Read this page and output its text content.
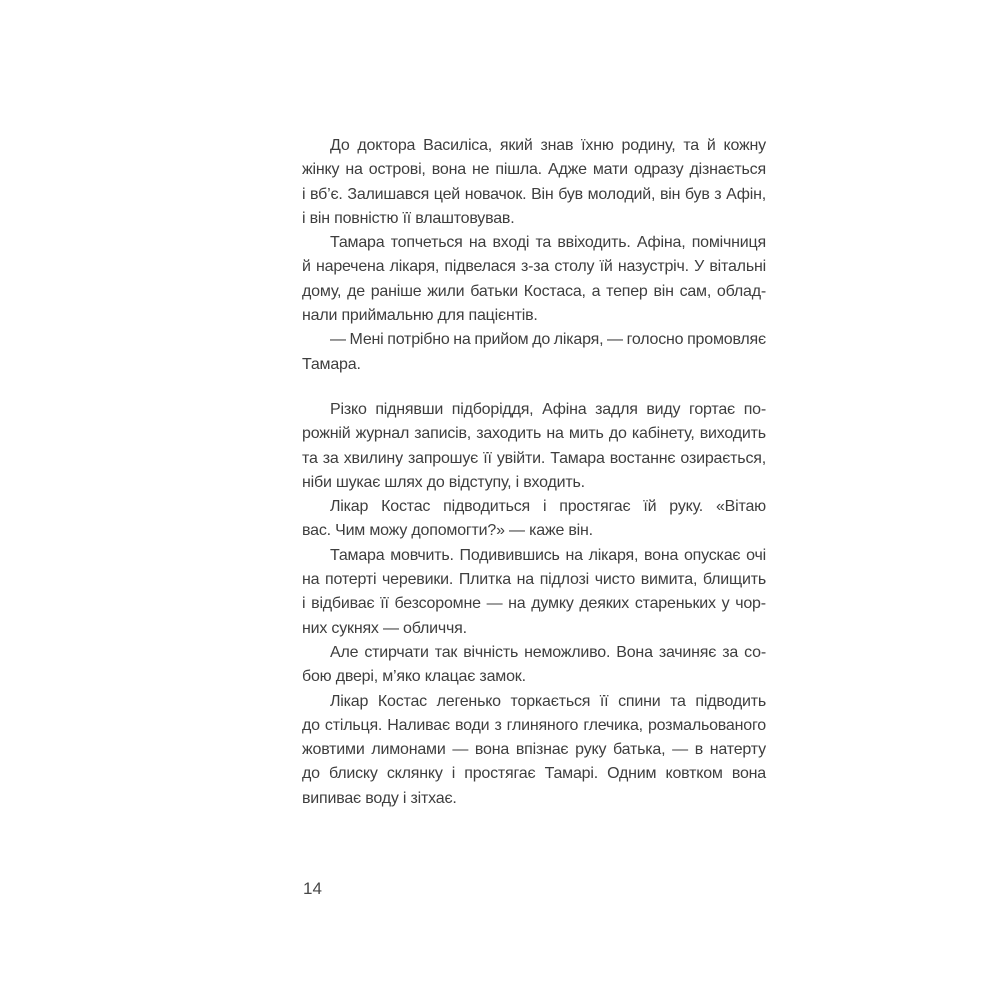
До доктора Василіса, який знав їхню родину, та й кожну
жінку на острові, вона не пішла. Адже мати одразу дізнається
і вб’є. Залишався цей новачок. Він був молодий, він був з Афін,
і він повністю її влаштовував.
Тамара топчеться на вході та ввіходить. Афіна, помічниця
й наречена лікаря, підвелася з-за столу їй назустріч. У вітальні
дому, де раніше жили батьки Костаса, а тепер він сам, облад-
нали приймальню для пацієнтів.
— Мені потрібно на прийом до лікаря, — голосно промовляє
Тамара.
Різко піднявши підборіддя, Афіна задля виду гортає по-
рожній журнал записів, заходить на мить до кабінету, виходить
та за хвилину запрошує її увійти. Тамара востаннє озирається,
ніби шукає шлях до відступу, і входить.
Лікар Костас підводиться і простягає їй руку. «Вітаю
вас. Чим можу допомогти?» — каже він.
Тамара мовчить. Подивившись на лікаря, вона опускає очі
на потерті черевики. Плитка на підлозі чисто вимита, блищить
і відбиває її безсоромне — на думку деяких стареньких у чор-
них сукнях — обличчя.
Але стирчати так вічність неможливо. Вона зачиняє за со-
бою двері, м’яко клацає замок.
Лікар Костас легенько торкається її спини та підводить
до стільця. Наливає води з глиняного глечика, розмальованого
жовтими лимонами — вона впізнає руку батька, — в натерту
до блиску склянку і простягає Тамарі. Одним ковтком вона
випиває воду і зітхає.
14
